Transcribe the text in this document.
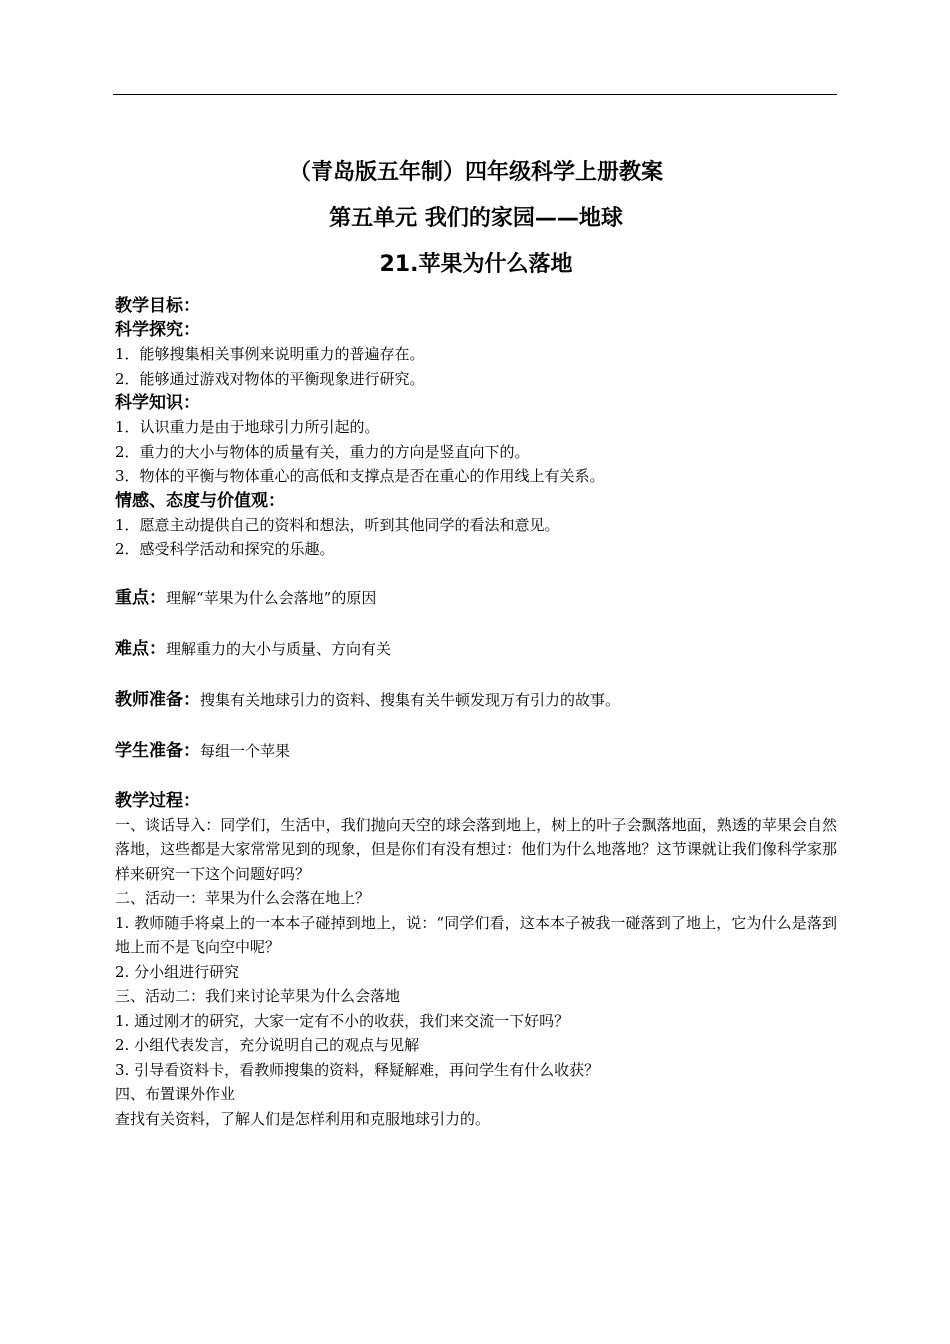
（青岛版五年制）四年级科学上册教案

第五单元 我们的家园——地球

21.苹果为什么落地

教学目标：

科学探究：

1．能够搜集相关事例来说明重力的普遍存在。

2．能够通过游戏对物体的平衡现象进行研究。

科学知识：

1．认识重力是由于地球引力所引起的。

2．重力的大小与物体的质量有关，重力的方向是竖直向下的。

3．物体的平衡与物体重心的高低和支撑点是否在重心的作用线上有关系。

情感、态度与价值观：

1．愿意主动提供自己的资料和想法，听到其他同学的看法和意见。

2．感受科学活动和探究的乐趣。

重点：理解“苹果为什么会落地”的原因

难点：理解重力的大小与质量、方向有关

教师准备：搜集有关地球引力的资料、搜集有关牛顿发现万有引力的故事。

学生准备：每组一个苹果

教学过程：

一、谈话导入：同学们，生活中，我们抛向天空的球会落到地上，树上的叶子会飘落地面，熟透的苹果会自然落地，这些都是大家常常见到的现象，但是你们有没有想过：他们为什么地落地？这节课就让我们像科学家那样来研究一下这个问题好吗？

二、活动一：苹果为什么会落在地上？

1. 教师随手将桌上的一本本子碰掉到地上，说：“同学们看，这本本子被我一碰落到了地上，它为什么是落到地上而不是飞向空中呢？

2. 分小组进行研究

三、活动二：我们来讨论苹果为什么会落地

1. 通过刚才的研究，大家一定有不小的收获，我们来交流一下好吗？

2. 小组代表发言，充分说明自己的观点与见解

3. 引导看资料卡，看教师搜集的资料，释疑解难，再问学生有什么收获？

四、布置课外作业

查找有关资料，了解人们是怎样利用和克服地球引力的。
